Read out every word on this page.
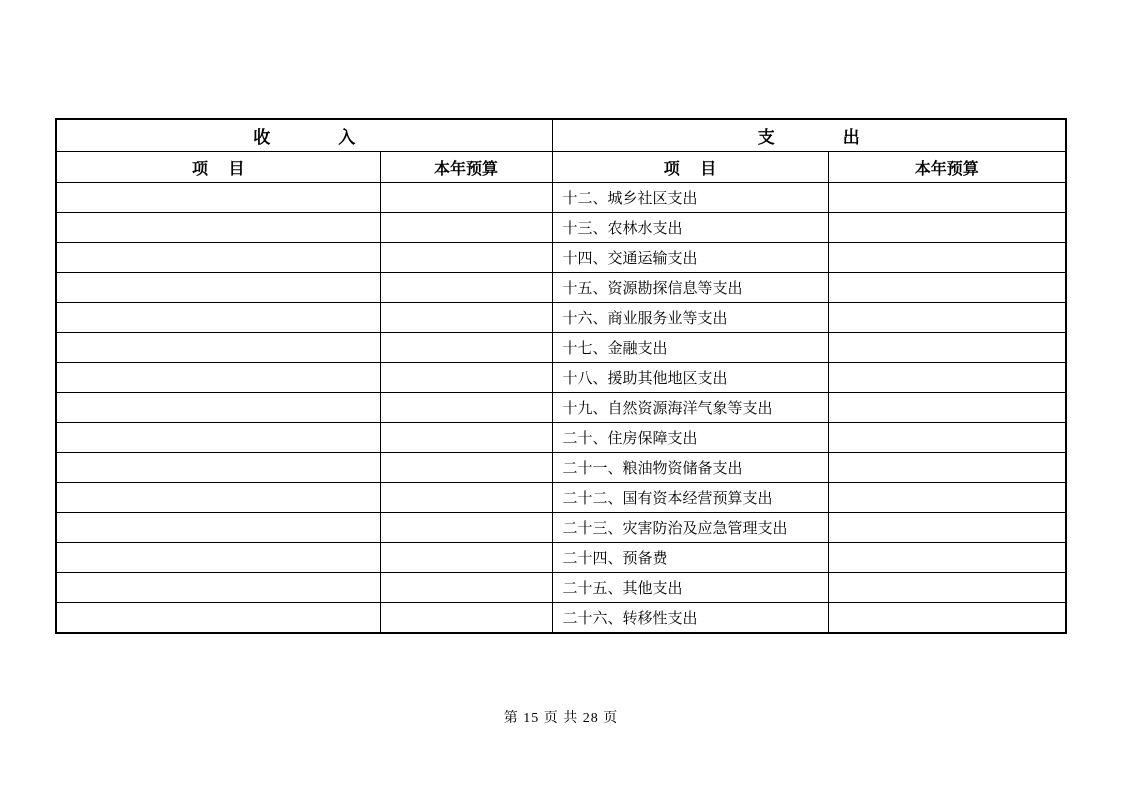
收　　　　入		支　　　　出	
项 　目	本年预算	项 　目	本年预算
		十二、城乡社区支出	
		十三、农林水支出	
		十四、交通运输支出	
		十五、资源勘探信息等支出	
		十六、商业服务业等支出	
		十七、金融支出	
		十八、援助其他地区支出	
		十九、自然资源海洋气象等支出	
		二十、住房保障支出	
		二十一、粮油物资储备支出	
		二十二、国有资本经营预算支出	
		二十三、灾害防治及应急管理支出	
		二十四、预备费	
		二十五、其他支出	
		二十六、转移性支出	
第 15 页 共 28 页
